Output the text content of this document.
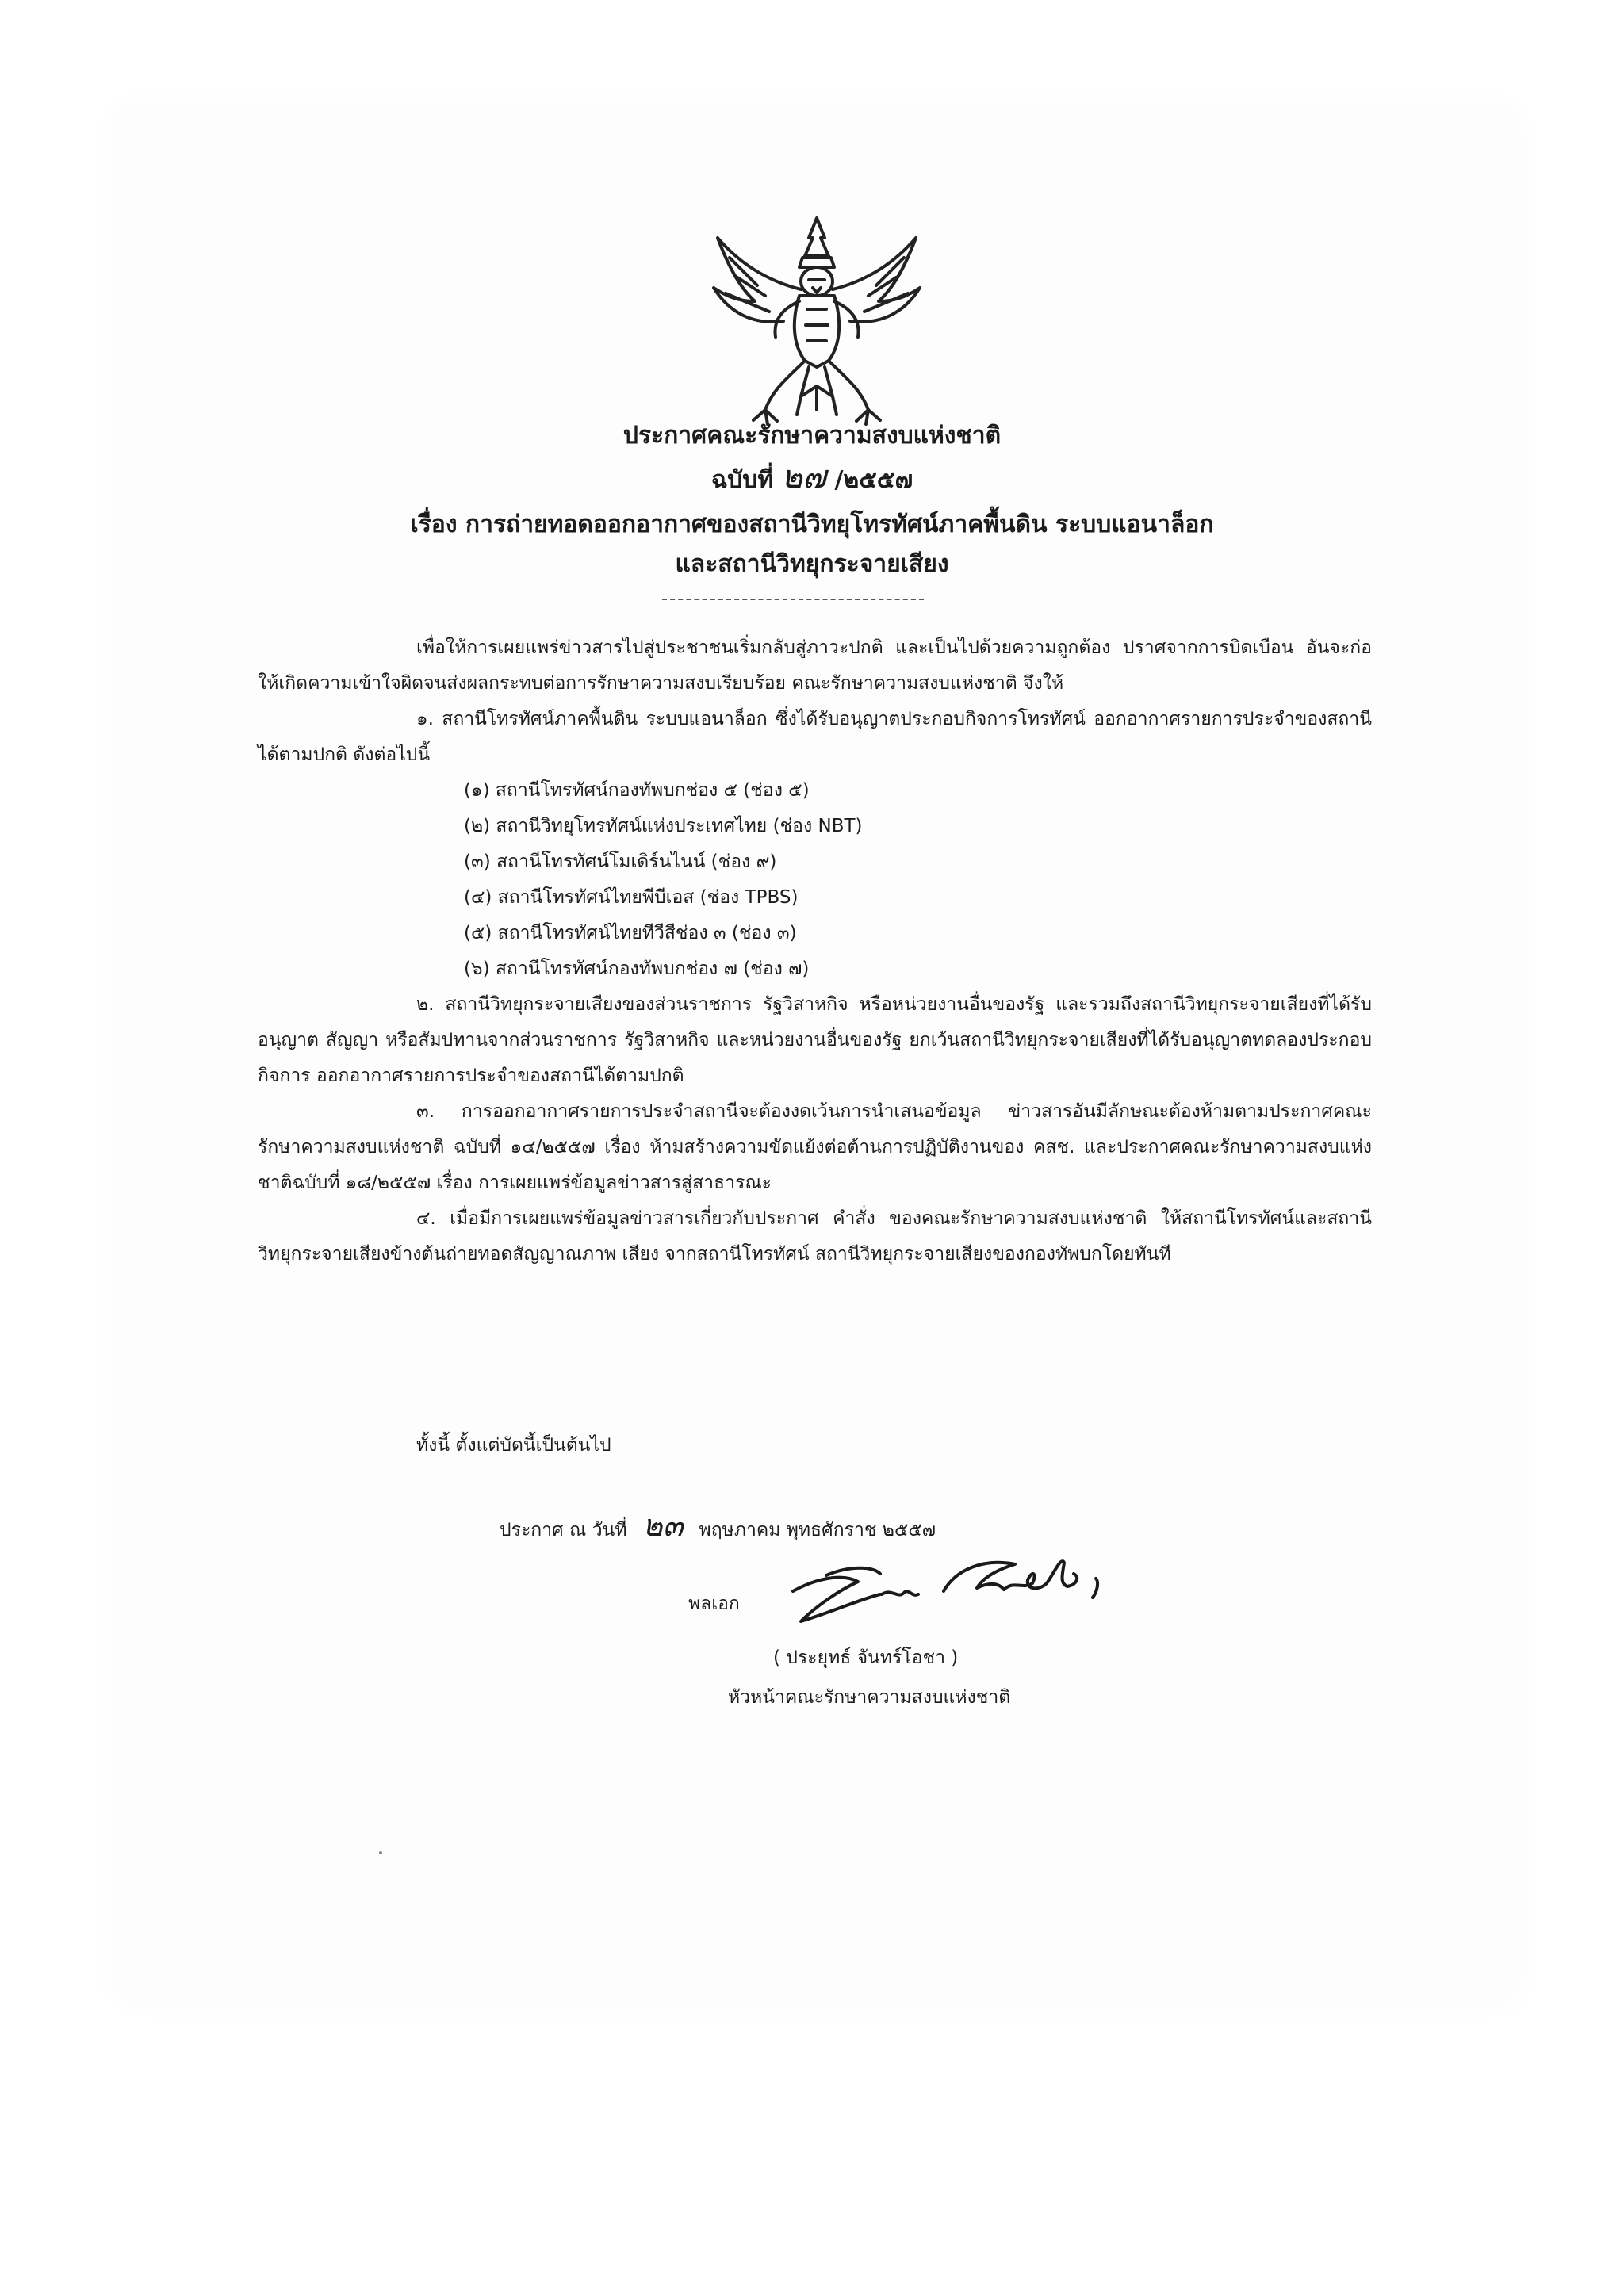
ประกาศคณะรักษาความสงบแห่งชาติ
ฉบับที่ ๒๗ /๒๕๕๗
เรื่อง การถ่ายทอดออกอากาศของสถานีวิทยุโทรทัศน์ภาคพื้นดิน ระบบแอนาล็อก
และสถานีวิทยุกระจายเสียง

เพื่อให้การเผยแพร่ข่าวสารไปสู่ประชาชนเริ่มกลับสู่ภาวะปกติ และเป็นไปด้วยความถูกต้อง ปราศจากการบิดเบือน อันจะก่อให้เกิดความเข้าใจผิดจนส่งผลกระทบต่อการรักษาความสงบเรียบร้อย คณะรักษาความสงบแห่งชาติ จึงให้

๑. สถานีโทรทัศน์ภาคพื้นดิน ระบบแอนาล็อก ซึ่งได้รับอนุญาตประกอบกิจการโทรทัศน์ ออกอากาศรายการประจำของสถานีได้ตามปกติ ดังต่อไปนี้

(๑) สถานีโทรทัศน์กองทัพบกช่อง ๕ (ช่อง ๕)

(๒) สถานีวิทยุโทรทัศน์แห่งประเทศไทย (ช่อง NBT)

(๓) สถานีโทรทัศน์โมเดิร์นไนน์ (ช่อง ๙)

(๔) สถานีโทรทัศน์ไทยพีบีเอส (ช่อง TPBS)

(๕) สถานีโทรทัศน์ไทยทีวีสีช่อง ๓ (ช่อง ๓)

(๖) สถานีโทรทัศน์กองทัพบกช่อง ๗ (ช่อง ๗)

๒. สถานีวิทยุกระจายเสียงของส่วนราชการ รัฐวิสาหกิจ หรือหน่วยงานอื่นของรัฐ และรวมถึงสถานีวิทยุกระจายเสียงที่ได้รับอนุญาต สัญญา หรือสัมปทานจากส่วนราชการ รัฐวิสาหกิจ และหน่วยงานอื่นของรัฐ ยกเว้นสถานีวิทยุกระจายเสียงที่ได้รับอนุญาตทดลองประกอบกิจการ ออกอากาศรายการประจำของสถานีได้ตามปกติ

๓. การออกอากาศรายการประจำสถานีจะต้องงดเว้นการนำเสนอข้อมูล ข่าวสารอันมีลักษณะต้องห้ามตามประกาศคณะรักษาความสงบแห่งชาติ ฉบับที่ ๑๔/๒๕๕๗ เรื่อง ห้ามสร้างความขัดแย้งต่อต้านการปฏิบัติงานของ คสช. และประกาศคณะรักษาความสงบแห่งชาติฉบับที่ ๑๘/๒๕๕๗ เรื่อง การเผยแพร่ข้อมูลข่าวสารสู่สาธารณะ

๔. เมื่อมีการเผยแพร่ข้อมูลข่าวสารเกี่ยวกับประกาศ คำสั่ง ของคณะรักษาความสงบแห่งชาติ ให้สถานีโทรทัศน์และสถานีวิทยุกระจายเสียงข้างต้นถ่ายทอดสัญญาณภาพ เสียง จากสถานีโทรทัศน์ สถานีวิทยุกระจายเสียงของกองทัพบกโดยทันที

ทั้งนี้ ตั้งแต่บัดนี้เป็นต้นไป
ประกาศ ณ วันที่ ๒๓ พฤษภาคม พุทธศักราช ๒๕๕๗
พลเอก
( ประยุทธ์ จันทร์โอชา )
หัวหน้าคณะรักษาความสงบแห่งชาติ
